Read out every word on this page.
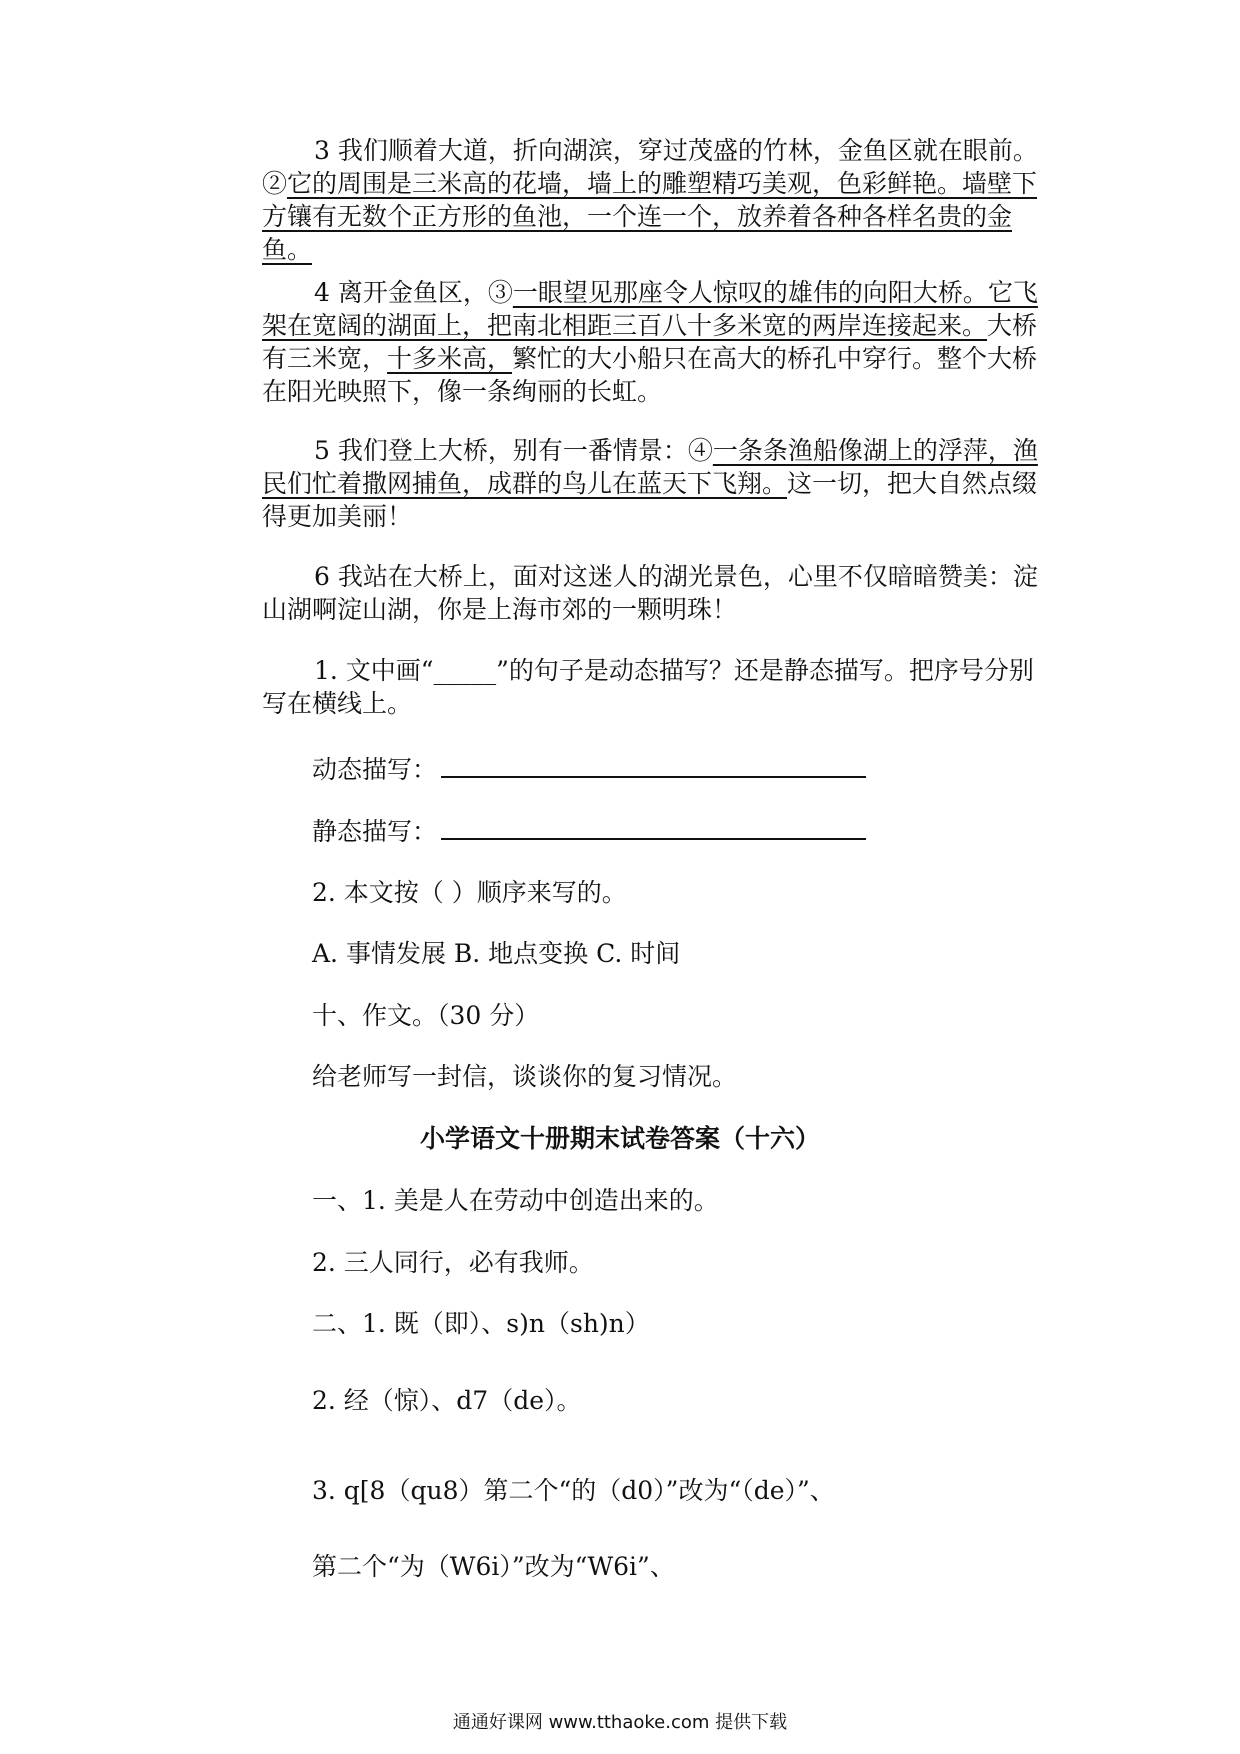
3 我们顺着大道，折向湖滨，穿过茂盛的竹林，金鱼区就在眼前。②它的周围是三米高的花墙，墙上的雕塑精巧美观，色彩鲜艳。墙壁下方镶有无数个正方形的鱼池，一个连一个，放养着各种各样名贵的金鱼。

4 离开金鱼区，③一眼望见那座令人惊叹的雄伟的向阳大桥。它飞架在宽阔的湖面上，把南北相距三百八十多米宽的两岸连接起来。大桥有三米宽，十多米高，繁忙的大小船只在高大的桥孔中穿行。整个大桥在阳光映照下，像一条绚丽的长虹。

5 我们登上大桥，别有一番情景：④一条条渔船像湖上的浮萍，渔民们忙着撒网捕鱼，成群的鸟儿在蓝天下飞翔。这一切，把大自然点缀得更加美丽！

6 我站在大桥上，面对这迷人的湖光景色，心里不仅暗暗赞美：淀山湖啊淀山湖，你是上海市郊的一颗明珠！

1. 文中画“_____”的句子是动态描写？还是静态描写。把序号分别写在横线上。

动态描写：

静态描写：

2. 本文按（ ）顺序来写的。

A. 事情发展 B. 地点变换 C. 时间

十、作文。（30 分）

给老师写一封信，谈谈你的复习情况。

小学语文十册期末试卷答案（十六）

一、1. 美是人在劳动中创造出来的。

2. 三人同行，必有我师。

二、1. 既（即）、s)n（sh)n）

2. 经（惊）、d7（de）。

3. q[8（qu8）第二个“的（d0）”改为“（de）”、

第二个“为（W6i）”改为“W6i”、

通通好课网 www.tthaoke.com 提供下载
